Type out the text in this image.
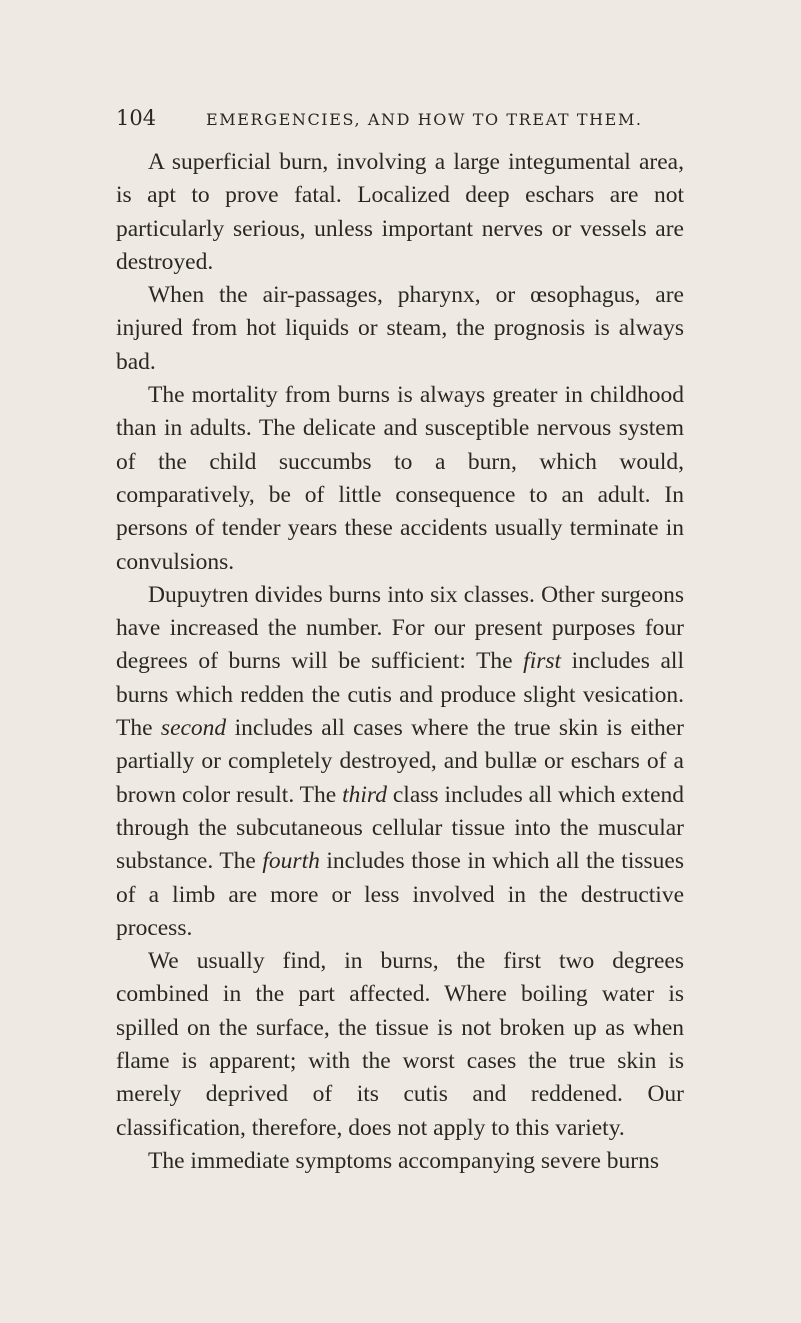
104	EMERGENCIES, AND HOW TO TREAT THEM.

A superficial burn, involving a large integumental area, is apt to prove fatal. Localized deep eschars are not particularly serious, unless important nerves or vessels are destroyed.

When the air-passages, pharynx, or œsophagus, are injured from hot liquids or steam, the prognosis is always bad.

The mortality from burns is always greater in childhood than in adults. The delicate and susceptible nervous system of the child succumbs to a burn, which would, comparatively, be of little consequence to an adult. In persons of tender years these accidents usually terminate in convulsions.

Dupuytren divides burns into six classes. Other surgeons have increased the number. For our present purposes four degrees of burns will be sufficient: The first includes all burns which redden the cutis and produce slight vesication. The second includes all cases where the true skin is either partially or completely destroyed, and bullæ or eschars of a brown color result. The third class includes all which extend through the subcutaneous cellular tissue into the muscular substance. The fourth includes those in which all the tissues of a limb are more or less involved in the destructive process.

We usually find, in burns, the first two degrees combined in the part affected. Where boiling water is spilled on the surface, the tissue is not broken up as when flame is apparent; with the worst cases the true skin is merely deprived of its cutis and reddened. Our classification, therefore, does not apply to this variety.

The immediate symptoms accompanying severe burns
